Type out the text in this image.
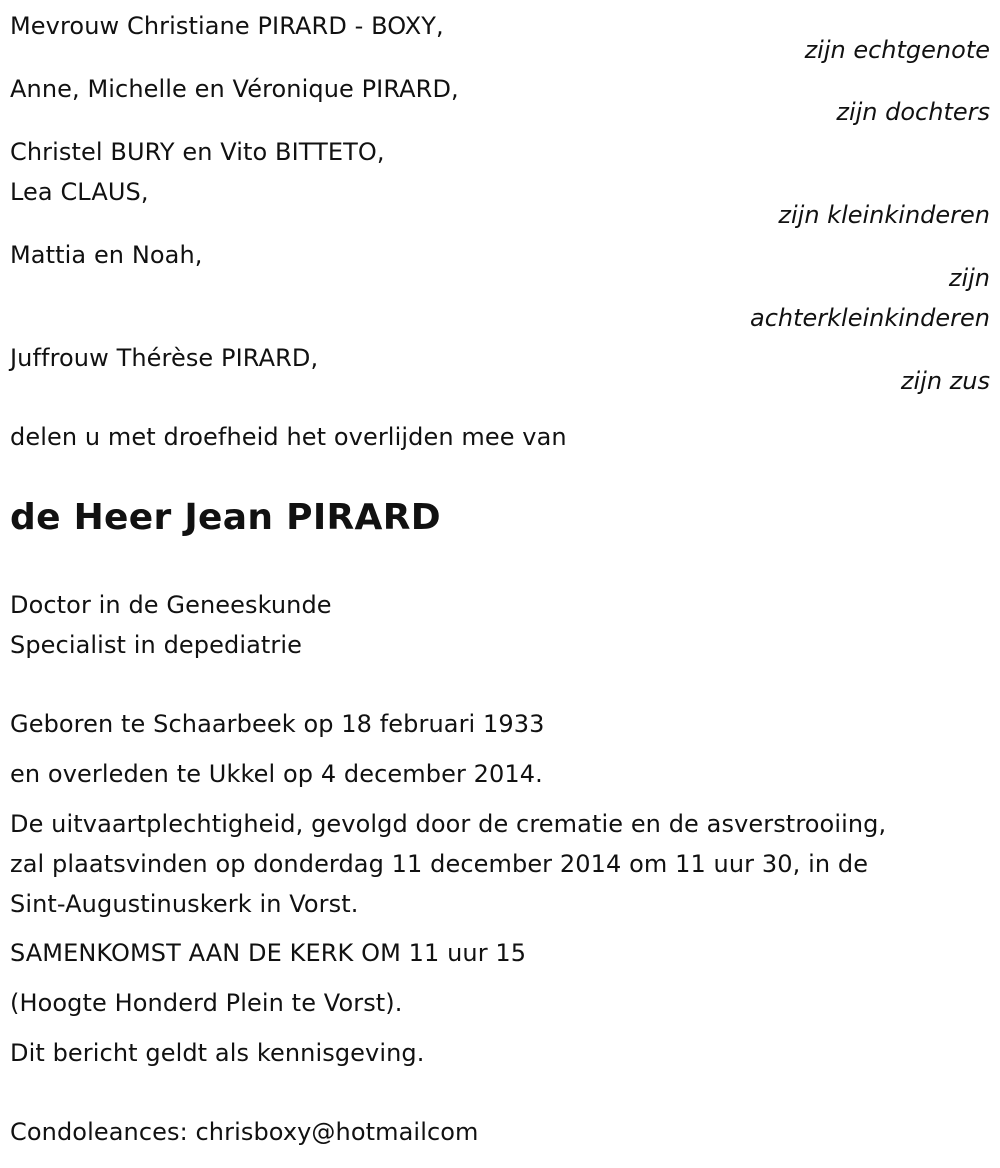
Mevrouw Christiane PIRARD - BOXY,
zijn echtgenote
Anne, Michelle en Véronique PIRARD,
zijn dochters
Christel BURY en Vito BITTETO,
Lea CLAUS,
zijn kleinkinderen
Mattia en Noah,
zijn
achterkleinkinderen
Juffrouw Thérèse PIRARD,
zijn zus
delen u met droefheid het overlijden mee van
de Heer Jean PIRARD
Doctor in de Geneeskunde
Specialist in depediatrie
Geboren te Schaarbeek op 18 februari 1933
en overleden te Ukkel op 4 december 2014.
De uitvaartplechtigheid, gevolgd door de crematie en de asverstrooiing,
zal plaatsvinden op donderdag 11 december 2014 om 11 uur 30, in de
Sint-Augustinuskerk in Vorst.
SAMENKOMST AAN DE KERK OM 11 uur 15
(Hoogte Honderd Plein te Vorst).
Dit bericht geldt als kennisgeving.
Condoleances: chrisboxy@hotmailcom
